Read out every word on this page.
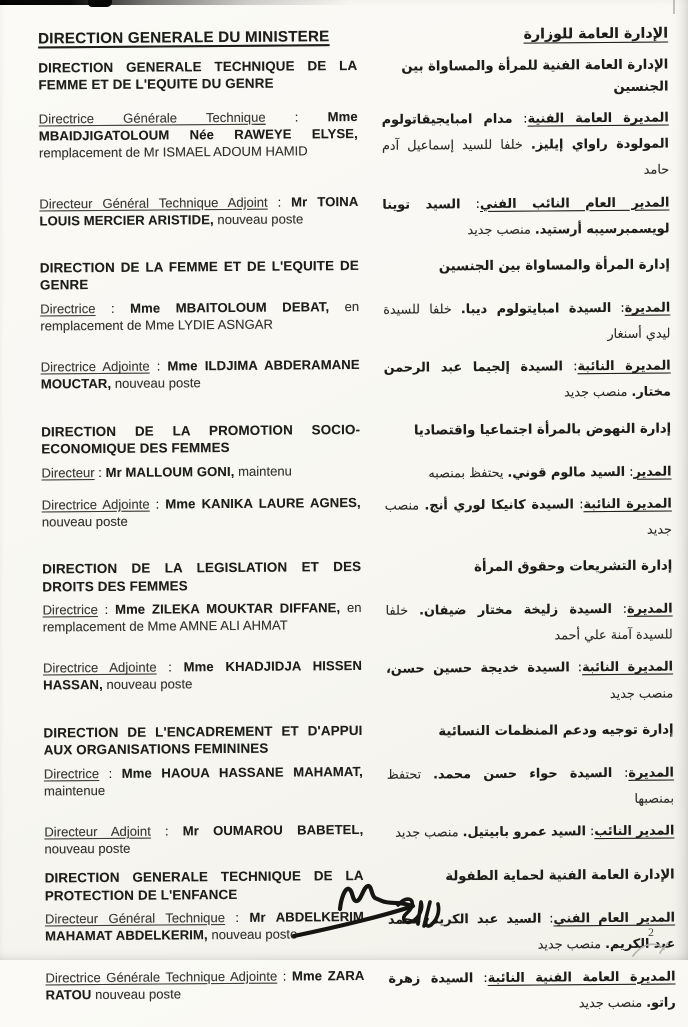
DIRECTION GENERALE DU MINISTERE	الإدارة العامة للوزارة
DIRECTION GENERALE TECHNIQUE DE LA FEMME ET DE L'EQUITE DU GENRE
الإدارة العامة الفنية للمرأة والمساواة بين الجنسين

Directrice Générale Technique : Mme MBAIDJIGATOLOUM Née RAWEYE ELYSE, remplacement de Mr ISMAEL ADOUM HAMID

المديرة العامة الفنية: مدام امبايجيقاتولوم المولودة راواي إيليز. خلفا للسيد إسماعيل آدم حامد

Directeur Général Technique Adjoint : Mr TOINA LOUIS MERCIER ARISTIDE, nouveau poste

المدير العام النائب الفني: السيد توينا لويسمبرسيبه أرستيد. منصب جديد

DIRECTION DE LA FEMME ET DE L'EQUITE DE GENRE
إدارة المرأة والمساواة بين الجنسين

Directrice : Mme MBAITOLOUM DEBAT, en remplacement de Mme LYDIE ASNGAR

المديرة: السيدة امبايتولوم ديبا. خلفا للسيدة ليدي أسنغار

Directrice Adjointe : Mme ILDJIMA ABDERAMANE MOUCTAR, nouveau poste

المديرة النائبة: السيدة إلجيما عبد الرحمن مختار. منصب جديد

DIRECTION DE LA PROMOTION SOCIO-ECONOMIQUE DES FEMMES
إدارة النهوض بالمرأة اجتماعيا واقتصاديا

Directeur : Mr MALLOUM GONI, maintenu	المدير: السيد مالوم قوني. يحتفظ بمنصبه

Directrice Adjointe : Mme KANIKA LAURE AGNES, nouveau poste

المديرة النائبة: السيدة كانيكا لوري أنج. منصب جديد

DIRECTION DE LA LEGISLATION ET DES DROITS DES FEMMES
إدارة التشريعات وحقوق المرأة

Directrice : Mme ZILEKA MOUKTAR DIFFANE, en remplacement de Mme AMNE ALI AHMAT

المديرة: السيدة زليخة مختار ضيفان. خلفا للسيدة آمنة علي أحمد

Directrice Adjointe : Mme KHADJIDJA HISSEN HASSAN, nouveau poste

المديرة النائبة: السيدة خديجة حسين حسن، منصب جديد

DIRECTION DE L'ENCADREMENT ET D'APPUI AUX ORGANISATIONS FEMININES
إدارة توجيه ودعم المنظمات النسائية

Directrice : Mme HAOUA HASSANE MAHAMAT, maintenue

المديرة: السيدة حواء حسن محمد. تحتفظ بمنصبها

Directeur Adjoint : Mr OUMAROU BABETEL, nouveau poste

المدير النائب: السيد عمرو بابيتيل. منصب جديد

DIRECTION GENERALE TECHNIQUE DE LA PROTECTION DE L'ENFANCE
الإدارة العامة الفنية لحماية الطفولة

Directeur Général Technique : Mr ABDELKERIM MAHAMAT ABDELKERIM, nouveau poste

المدير العام الفني: السيد عبد الكريم محمد عبد الكريم. منصب جديد

Directrice Générale Technique Adjointe : Mme ZARA RATOU nouveau poste

المديرة العامة الفنية النائبة: السيدة زهرة راتو. منصب جديد

2
